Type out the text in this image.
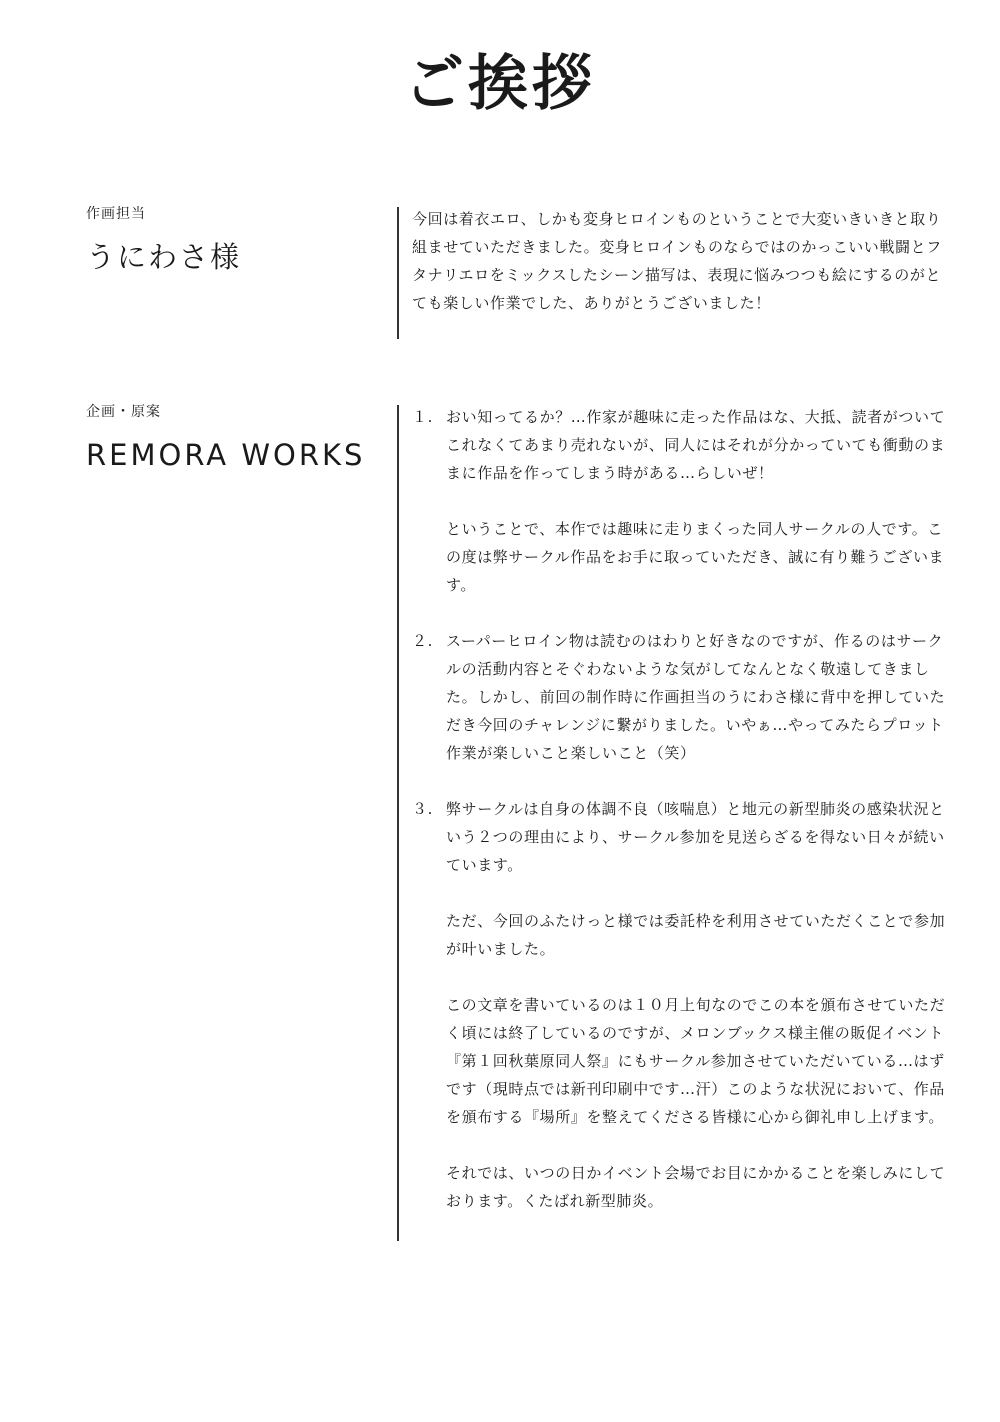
ご挨拶
作画担当
うにわさ様

今回は着衣エロ、しかも変身ヒロインものということで大変いきいきと取り組ませていただきました。変身ヒロインものならではのかっこいい戦闘とフタナリエロをミックスしたシーン描写は、表現に悩みつつも絵にするのがとても楽しい作業でした、ありがとうございました！

企画・原案
REMORA WORKS
１. おい知ってるか？…作家が趣味に走った作品はな、大抵、読者がついてこれなくてあまり売れないが、同人にはそれが分かっていても衝動のままに作品を作ってしまう時がある…らしいぜ！

ということで、本作では趣味に走りまくった同人サークルの人です。この度は弊サークル作品をお手に取っていただき、誠に有り難うございます。

２. スーパーヒロイン物は読むのはわりと好きなのですが、作るのはサークルの活動内容とそぐわないような気がしてなんとなく敬遠してきました。しかし、前回の制作時に作画担当のうにわさ様に背中を押していただき今回のチャレンジに繋がりました。いやぁ…やってみたらプロット作業が楽しいこと楽しいこと（笑）

３. 弊サークルは自身の体調不良（咳喘息）と地元の新型肺炎の感染状況という２つの理由により、サークル参加を見送らざるを得ない日々が続いています。

ただ、今回のふたけっと様では委託枠を利用させていただくことで参加が叶いました。

この文章を書いているのは１０月上旬なのでこの本を頒布させていただく頃には終了しているのですが、メロンブックス様主催の販促イベント『第１回秋葉原同人祭』にもサークル参加させていただいている…はずです（現時点では新刊印刷中です…汗）このような状況において、作品を頒布する『場所』を整えてくださる皆様に心から御礼申し上げます。

それでは、いつの日かイベント会場でお目にかかることを楽しみにしております。くたばれ新型肺炎。
